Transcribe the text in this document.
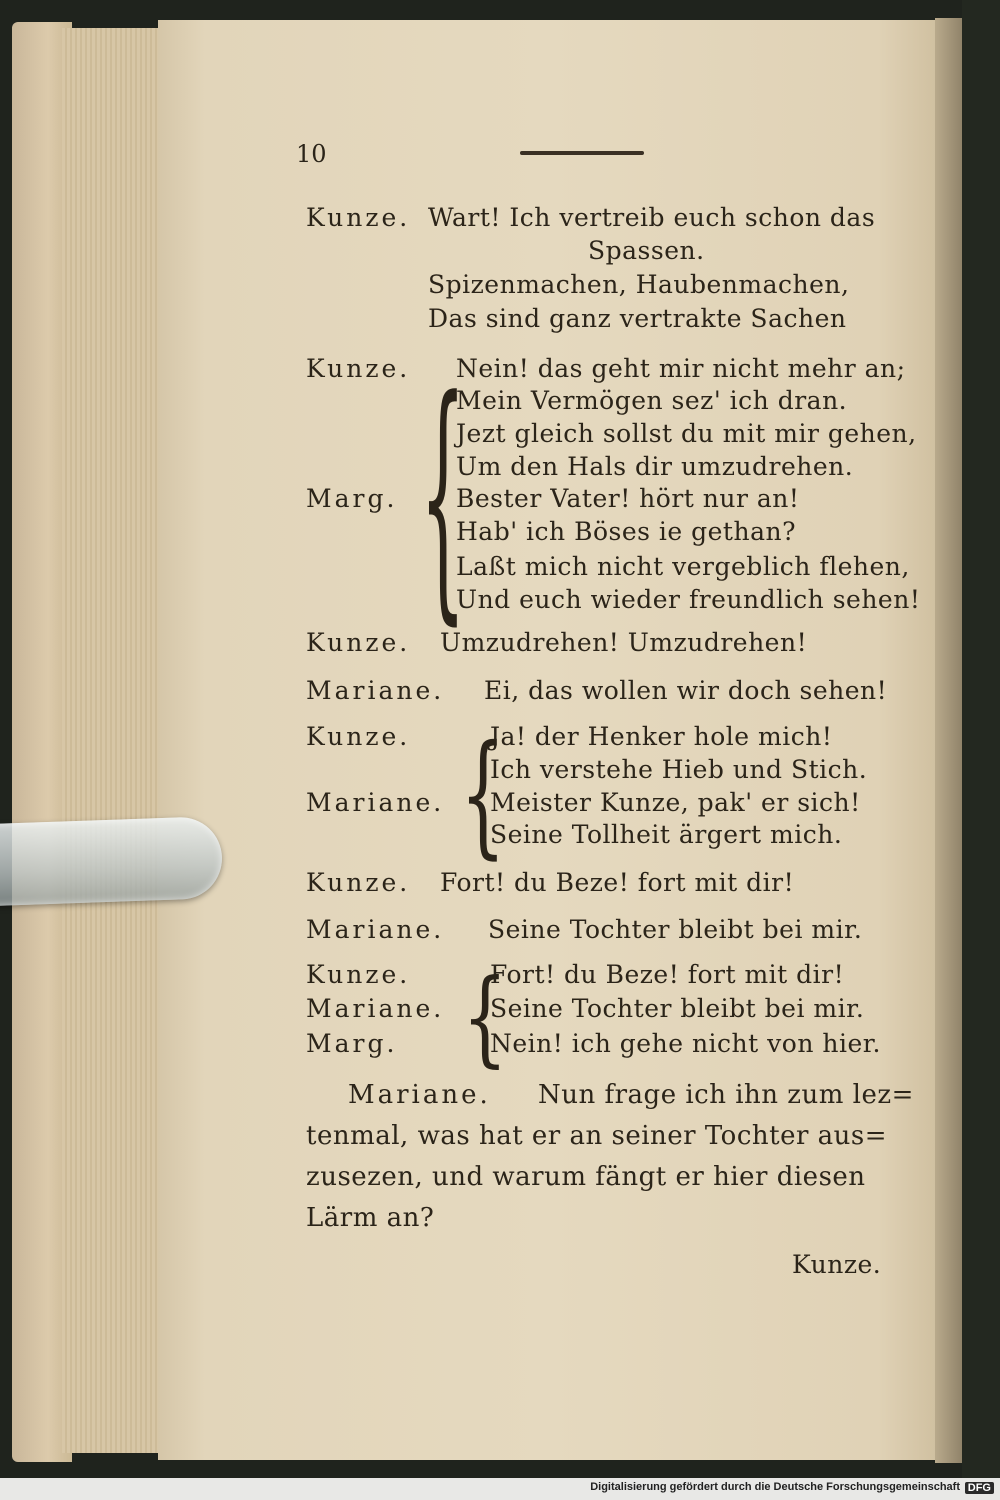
10
Kunze. Wart! Ich vertreib euch schon das
Spassen.
Spizenmachen, Haubenmachen,
Das sind ganz vertrakte Sachen
Kunze.
Marg. {
Nein! das geht mir nicht mehr an;
Mein Vermögen sez' ich dran.
Jezt gleich sollst du mit mir gehen,
Um den Hals dir umzudrehen.
Bester Vater! hört nur an!
Hab' ich Böses ie gethan?
Laßt mich nicht vergeblich flehen,
Und euch wieder freundlich sehen!
Kunze. Umzudrehen! Umzudrehen!
Mariane. Ei, das wollen wir doch sehen!
Kunze.
Mariane. {
Ja! der Henker hole mich!
Ich verstehe Hieb und Stich.
Meister Kunze, pak' er sich!
Seine Tollheit ärgert mich.
Kunze. Fort! du Beze! fort mit dir!
Mariane. Seine Tochter bleibt bei mir.
Kunze.
Mariane.
Marg. {
Fort! du Beze! fort mit dir!
Seine Tochter bleibt bei mir.
Nein! ich gehe nicht von hier.
Mariane. Nun frage ich ihn zum lez=
tenmal, was hat er an seiner Tochter aus=
zusezen, und warum fängt er hier diesen
Lärm an?
Kunze.
Digitalisierung gefördert durch die Deutsche Forschungsgemeinschaft DFG
